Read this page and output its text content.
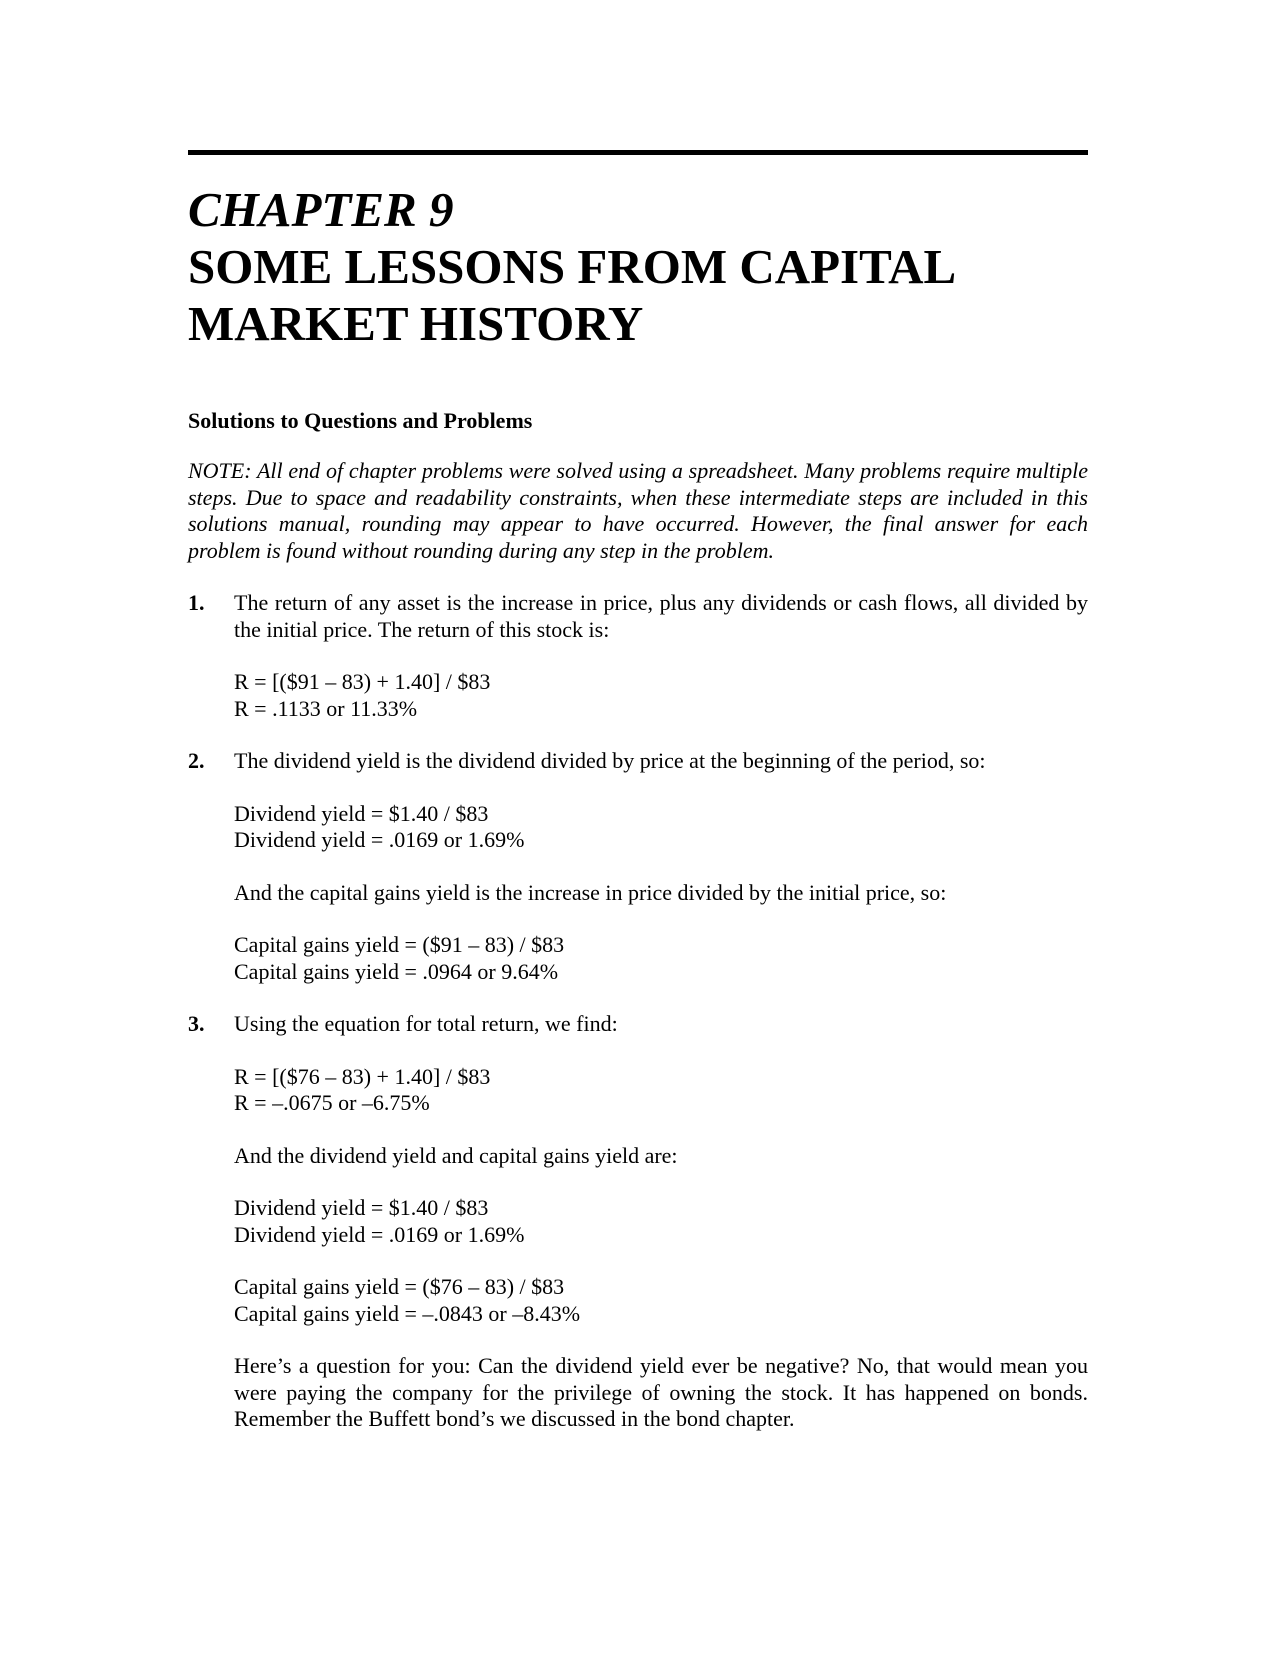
CHAPTER 9
SOME LESSONS FROM CAPITAL
MARKET HISTORY
Solutions to Questions and Problems

NOTE: All end of chapter problems were solved using a spreadsheet. Many problems require multiple steps. Due to space and readability constraints, when these intermediate steps are included in this solutions manual, rounding may appear to have occurred. However, the final answer for each problem is found without rounding during any step in the problem.

1. The return of any asset is the increase in price, plus any dividends or cash flows, all divided by the initial price. The return of this stock is:

R = [($91 – 83) + 1.40] / $83
R = .1133 or 11.33%
2. The dividend yield is the dividend divided by price at the beginning of the period, so:

Dividend yield = $1.40 / $83
Dividend yield = .0169 or 1.69%

And the capital gains yield is the increase in price divided by the initial price, so:

Capital gains yield = ($91 – 83) / $83
Capital gains yield = .0964 or 9.64%
3. Using the equation for total return, we find:

R = [($76 – 83) + 1.40] / $83
R = –.0675 or –6.75%

And the dividend yield and capital gains yield are:

Dividend yield = $1.40 / $83
Dividend yield = .0169 or 1.69%
Capital gains yield = ($76 – 83) / $83
Capital gains yield = –.0843 or –8.43%

Here’s a question for you: Can the dividend yield ever be negative? No, that would mean you were paying the company for the privilege of owning the stock. It has happened on bonds. Remember the Buffett bond’s we discussed in the bond chapter.
